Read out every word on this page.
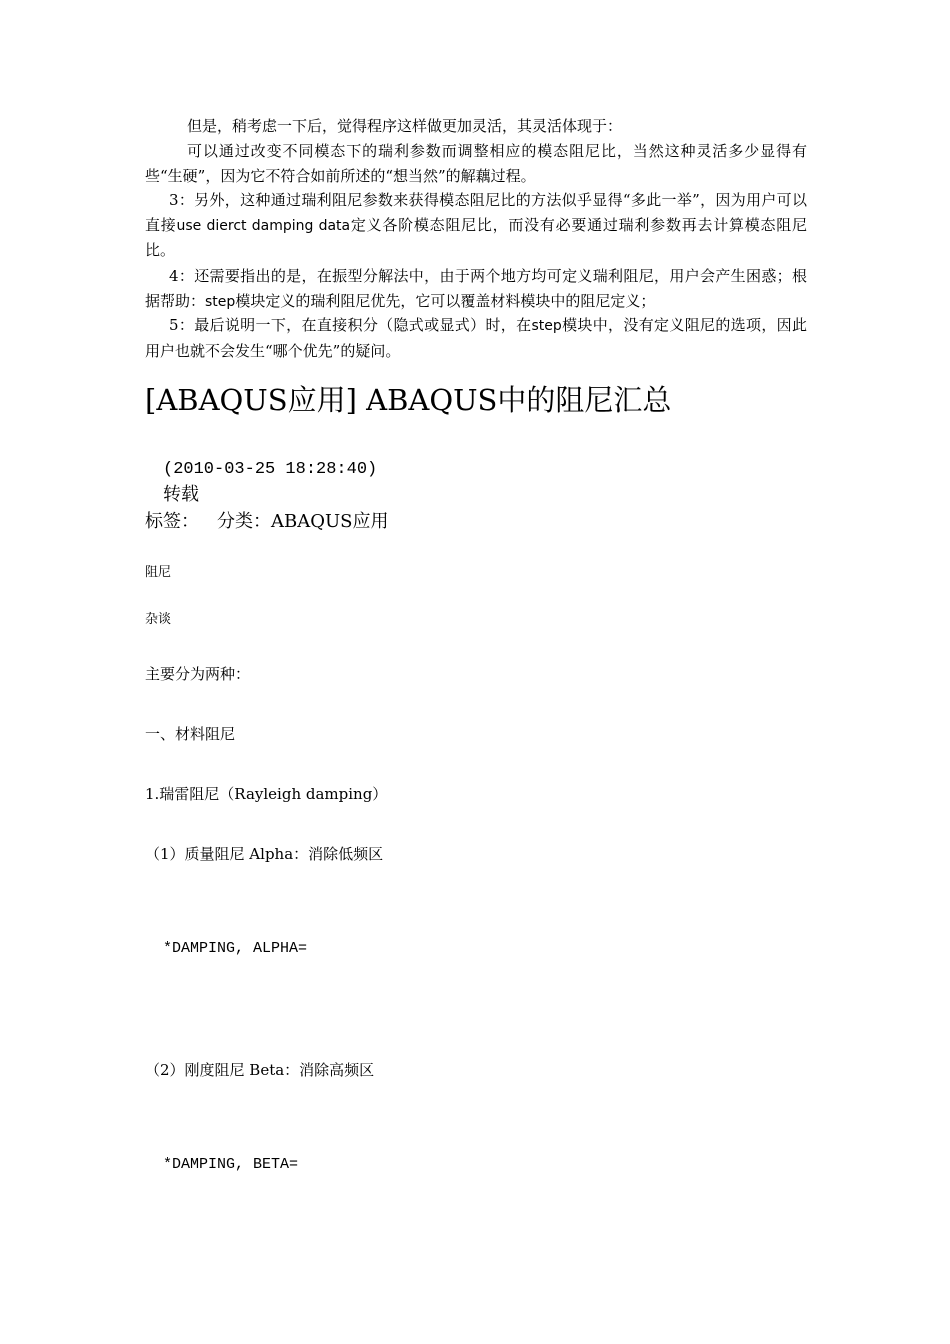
但是，稍考虑一下后，觉得程序这样做更加灵活，其灵活体现于：
可以通过改变不同模态下的瑞利参数而调整相应的模态阻尼比，当然这种灵活多少显得有些“生硬”，因为它不符合如前所述的“想当然”的解藕过程。
3：另外，这种通过瑞利阻尼参数来获得模态阻尼比的方法似乎显得“多此一举”，因为用户可以直接use dierct damping data定义各阶模态阻尼比，而没有必要通过瑞利参数再去计算模态阻尼比。
4：还需要指出的是，在振型分解法中，由于两个地方均可定义瑞利阻尼，用户会产生困惑；根据帮助：step模块定义的瑞利阻尼优先，它可以覆盖材料模块中的阻尼定义；
5：最后说明一下，在直接积分（隐式或显式）时，在step模块中，没有定义阻尼的选项，因此用户也就不会发生“哪个优先”的疑问。
[ABAQUS应用] ABAQUS中的阻尼汇总
(2010-03-25 18:28:40)
转载
标签： 分类：ABAQUS应用
阻尼
杂谈
主要分为两种：
一、材料阻尼
1.瑞雷阻尼（Rayleigh damping）
（1）质量阻尼 Alpha：消除低频区
*DAMPING, ALPHA=
（2）刚度阻尼 Beta：消除高频区
*DAMPING, BETA=
